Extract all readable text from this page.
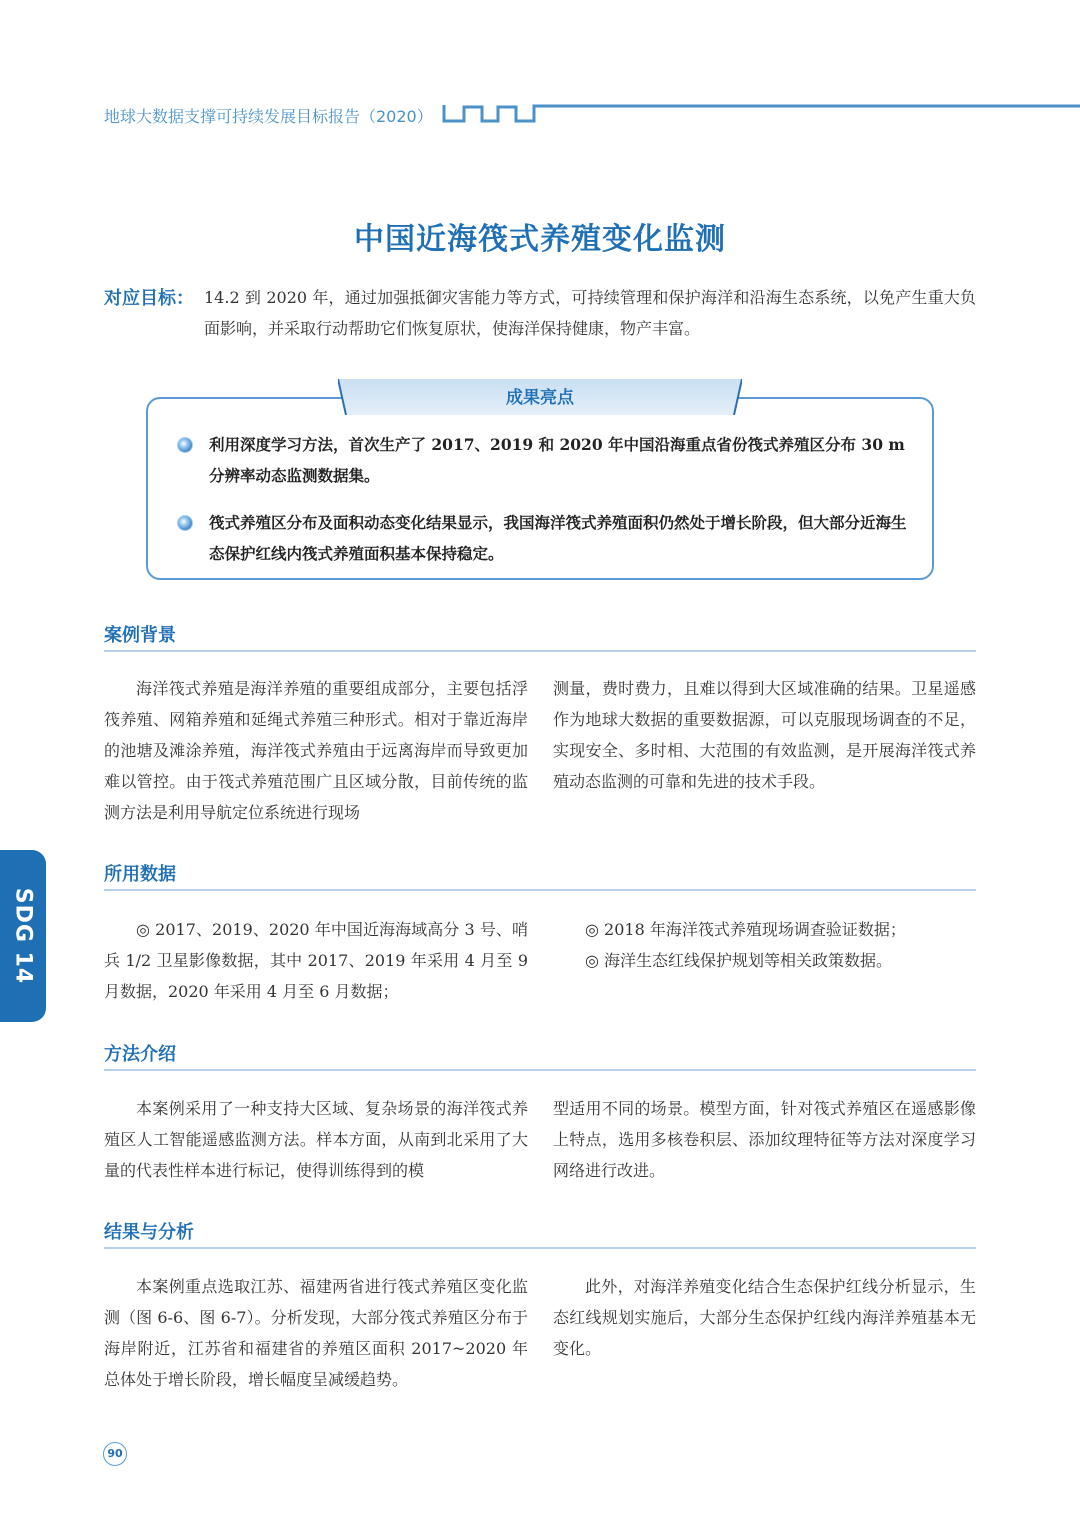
地球大数据支撑可持续发展目标报告（2020）
中国近海筏式养殖变化监测
对应目标： 14.2 到 2020 年，通过加强抵御灾害能力等方式，可持续管理和保护海洋和沿海生态系统，以免产生重大负面影响，并采取行动帮助它们恢复原状，使海洋保持健康，物产丰富。
成果亮点
利用深度学习方法，首次生产了 2017、2019 和 2020 年中国沿海重点省份筏式养殖区分布 30 m 分辨率动态监测数据集。
筏式养殖区分布及面积动态变化结果显示，我国海洋筏式养殖面积仍然处于增长阶段，但大部分近海生态保护红线内筏式养殖面积基本保持稳定。
案例背景

海洋筏式养殖是海洋养殖的重要组成部分，主要包括浮筏养殖、网箱养殖和延绳式养殖三种形式。相对于靠近海岸的池塘及滩涂养殖，海洋筏式养殖由于远离海岸而导致更加难以管控。由于筏式养殖范围广且区域分散，目前传统的监测方法是利用导航定位系统进行现场

测量，费时费力，且难以得到大区域准确的结果。卫星遥感作为地球大数据的重要数据源，可以克服现场调查的不足，实现安全、多时相、大范围的有效监测，是开展海洋筏式养殖动态监测的可靠和先进的技术手段。

所用数据

◎ 2017、2019、2020 年中国近海海域高分 3 号、哨兵 1/2 卫星影像数据，其中 2017、2019 年采用 4 月至 9 月数据，2020 年采用 4 月至 6 月数据；

◎ 2018 年海洋筏式养殖现场调查验证数据；

◎ 海洋生态红线保护规划等相关政策数据。

方法介绍

本案例采用了一种支持大区域、复杂场景的海洋筏式养殖区人工智能遥感监测方法。样本方面，从南到北采用了大量的代表性样本进行标记，使得训练得到的模

型适用不同的场景。模型方面，针对筏式养殖区在遥感影像上特点，选用多核卷积层、添加纹理特征等方法对深度学习网络进行改进。

结果与分析

本案例重点选取江苏、福建两省进行筏式养殖区变化监测（图 6-6、图 6-7）。分析发现，大部分筏式养殖区分布于海岸附近，江苏省和福建省的养殖区面积 2017~2020 年总体处于增长阶段，增长幅度呈减缓趋势。

此外，对海洋养殖变化结合生态保护红线分析显示，生态红线规划实施后，大部分生态保护红线内海洋养殖基本无变化。

SDG 14
90
